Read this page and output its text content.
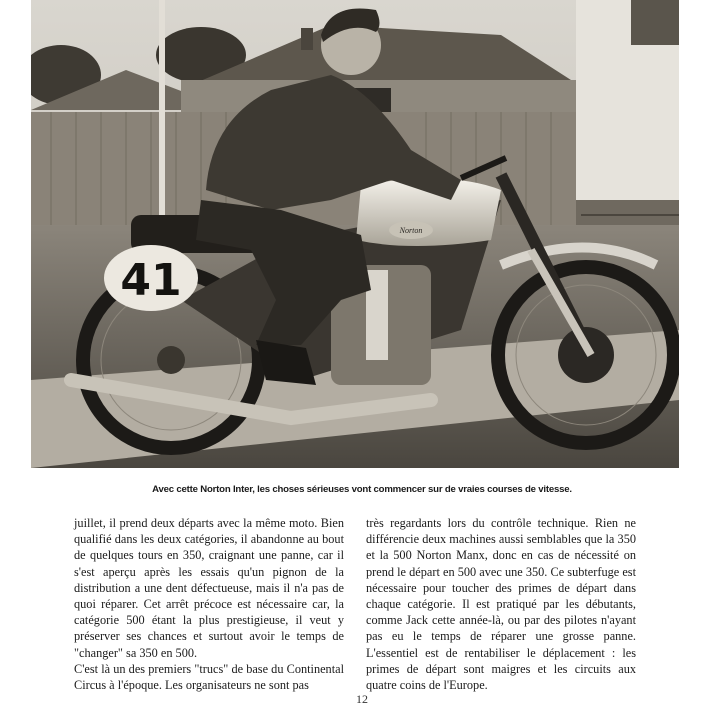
Norton
41
Avec cette Norton Inter, les choses sérieuses vont commencer sur de vraies courses de vitesse.

juillet, il prend deux départs avec la même moto. Bien qualifié dans les deux catégories, il abandonne au bout de quelques tours en 350, craignant une panne, car il s'est aperçu après les essais qu'un pignon de la distribution a une dent défectueuse, mais il n'a pas de quoi réparer. Cet arrêt précoce est nécessaire car, la catégorie 500 étant la plus prestigieuse, il veut y préserver ses chances et surtout avoir le temps de "changer" sa 350 en 500.

C'est là un des premiers "trucs" de base du Continental Circus à l'époque. Les organisateurs ne sont pas

très regardants lors du contrôle technique. Rien ne différencie deux machines aussi semblables que la 350 et la 500 Norton Manx, donc en cas de nécessité on prend le départ en 500 avec une 350. Ce subterfuge est nécessaire pour toucher des primes de départ dans chaque catégorie. Il est pratiqué par les débutants, comme Jack cette année-là, ou par des pilotes n'ayant pas eu le temps de réparer une grosse panne. L'essentiel est de rentabiliser le déplacement : les primes de départ sont maigres et les circuits aux quatre coins de l'Europe.

12
